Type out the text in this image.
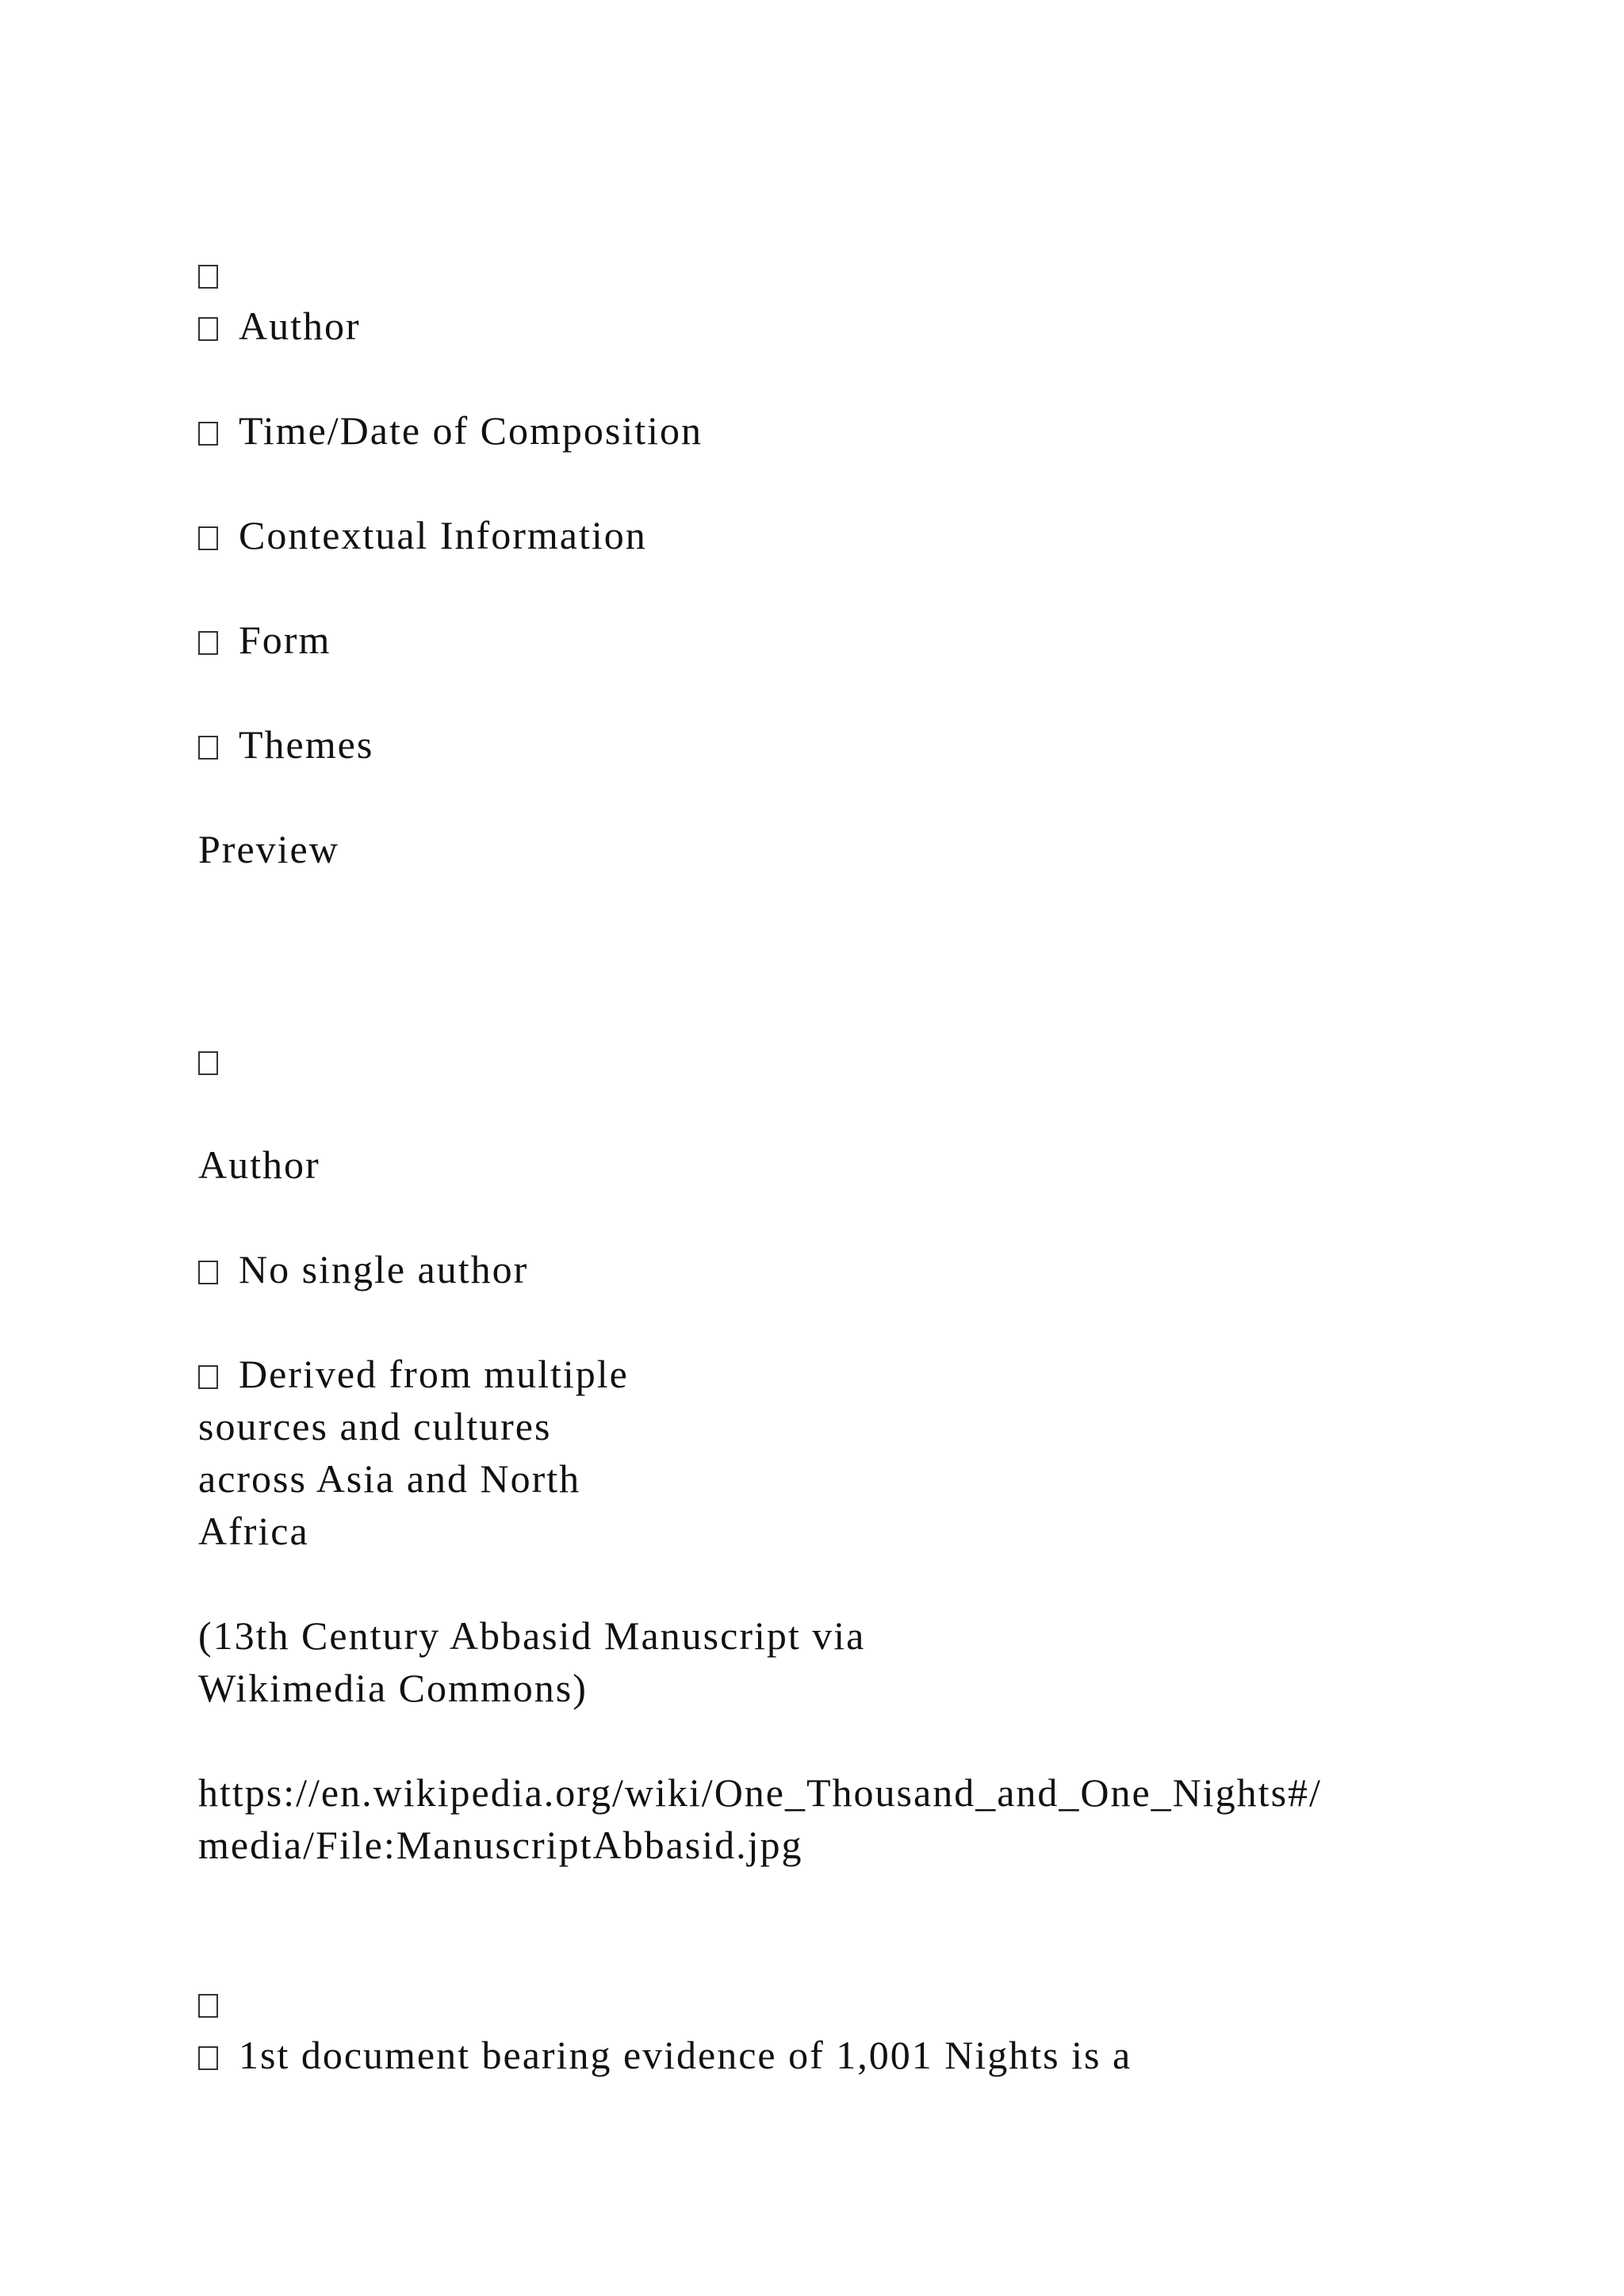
Author
Time/Date of Composition
Contextual Information
Form
Themes
Preview
Author
No single author
Derived from multiple
sources and cultures
across Asia and North
Africa
(13th Century Abbasid Manuscript via
Wikimedia Commons)
https://en.wikipedia.org/wiki/One_Thousand_and_One_Nights#/
media/File:ManuscriptAbbasid.jpg
1st document bearing evidence of 1,001 Nights is a
